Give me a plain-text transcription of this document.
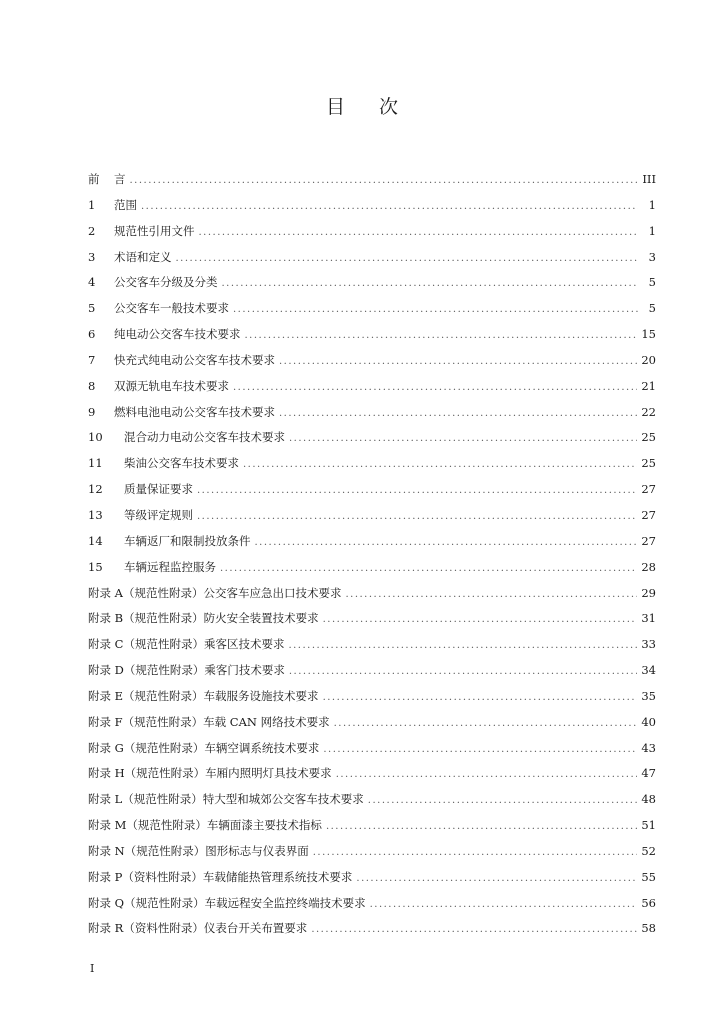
目 次
前	言 .....	III
1	范围 .....	1
2	规范性引用文件 .....	1
3	术语和定义 .....	3
4	公交客车分级及分类 .....	5
5	公交客车一般技术要求 .....	5
6	纯电动公交客车技术要求 .....	15
7	快充式纯电动公交客车技术要求 .....	20
8	双源无轨电车技术要求 .....	21
9	燃料电池电动公交客车技术要求 .....	22
10	混合动力电动公交客车技术要求 .....	25
11	柴油公交客车技术要求 .....	25
12	质量保证要求 .....	27
13	等级评定规则 .....	27
14	车辆返厂和限制投放条件 .....	27
15	车辆远程监控服务 .....	28
附录 A（规范性附录）公交客车应急出口技术要求 .....	29
附录 B（规范性附录）防火安全装置技术要求 .....	31
附录 C（规范性附录）乘客区技术要求 .....	33
附录 D（规范性附录）乘客门技术要求 .....	34
附录 E（规范性附录）车载服务设施技术要求 .....	35
附录 F（规范性附录）车载 CAN 网络技术要求 .....	40
附录 G（规范性附录）车辆空调系统技术要求 .....	43
附录 H（规范性附录）车厢内照明灯具技术要求 .....	47
附录 L（规范性附录）特大型和城郊公交客车技术要求 .....	48
附录 M（规范性附录）车辆面漆主要技术指标 .....	51
附录 N（规范性附录）图形标志与仪表界面 .....	52
附录 P（资料性附录）车载储能热管理系统技术要求 .....	55
附录 Q（规范性附录）车载远程安全监控终端技术要求 .....	56
附录 R（资料性附录）仪表台开关布置要求 .....	58
I
